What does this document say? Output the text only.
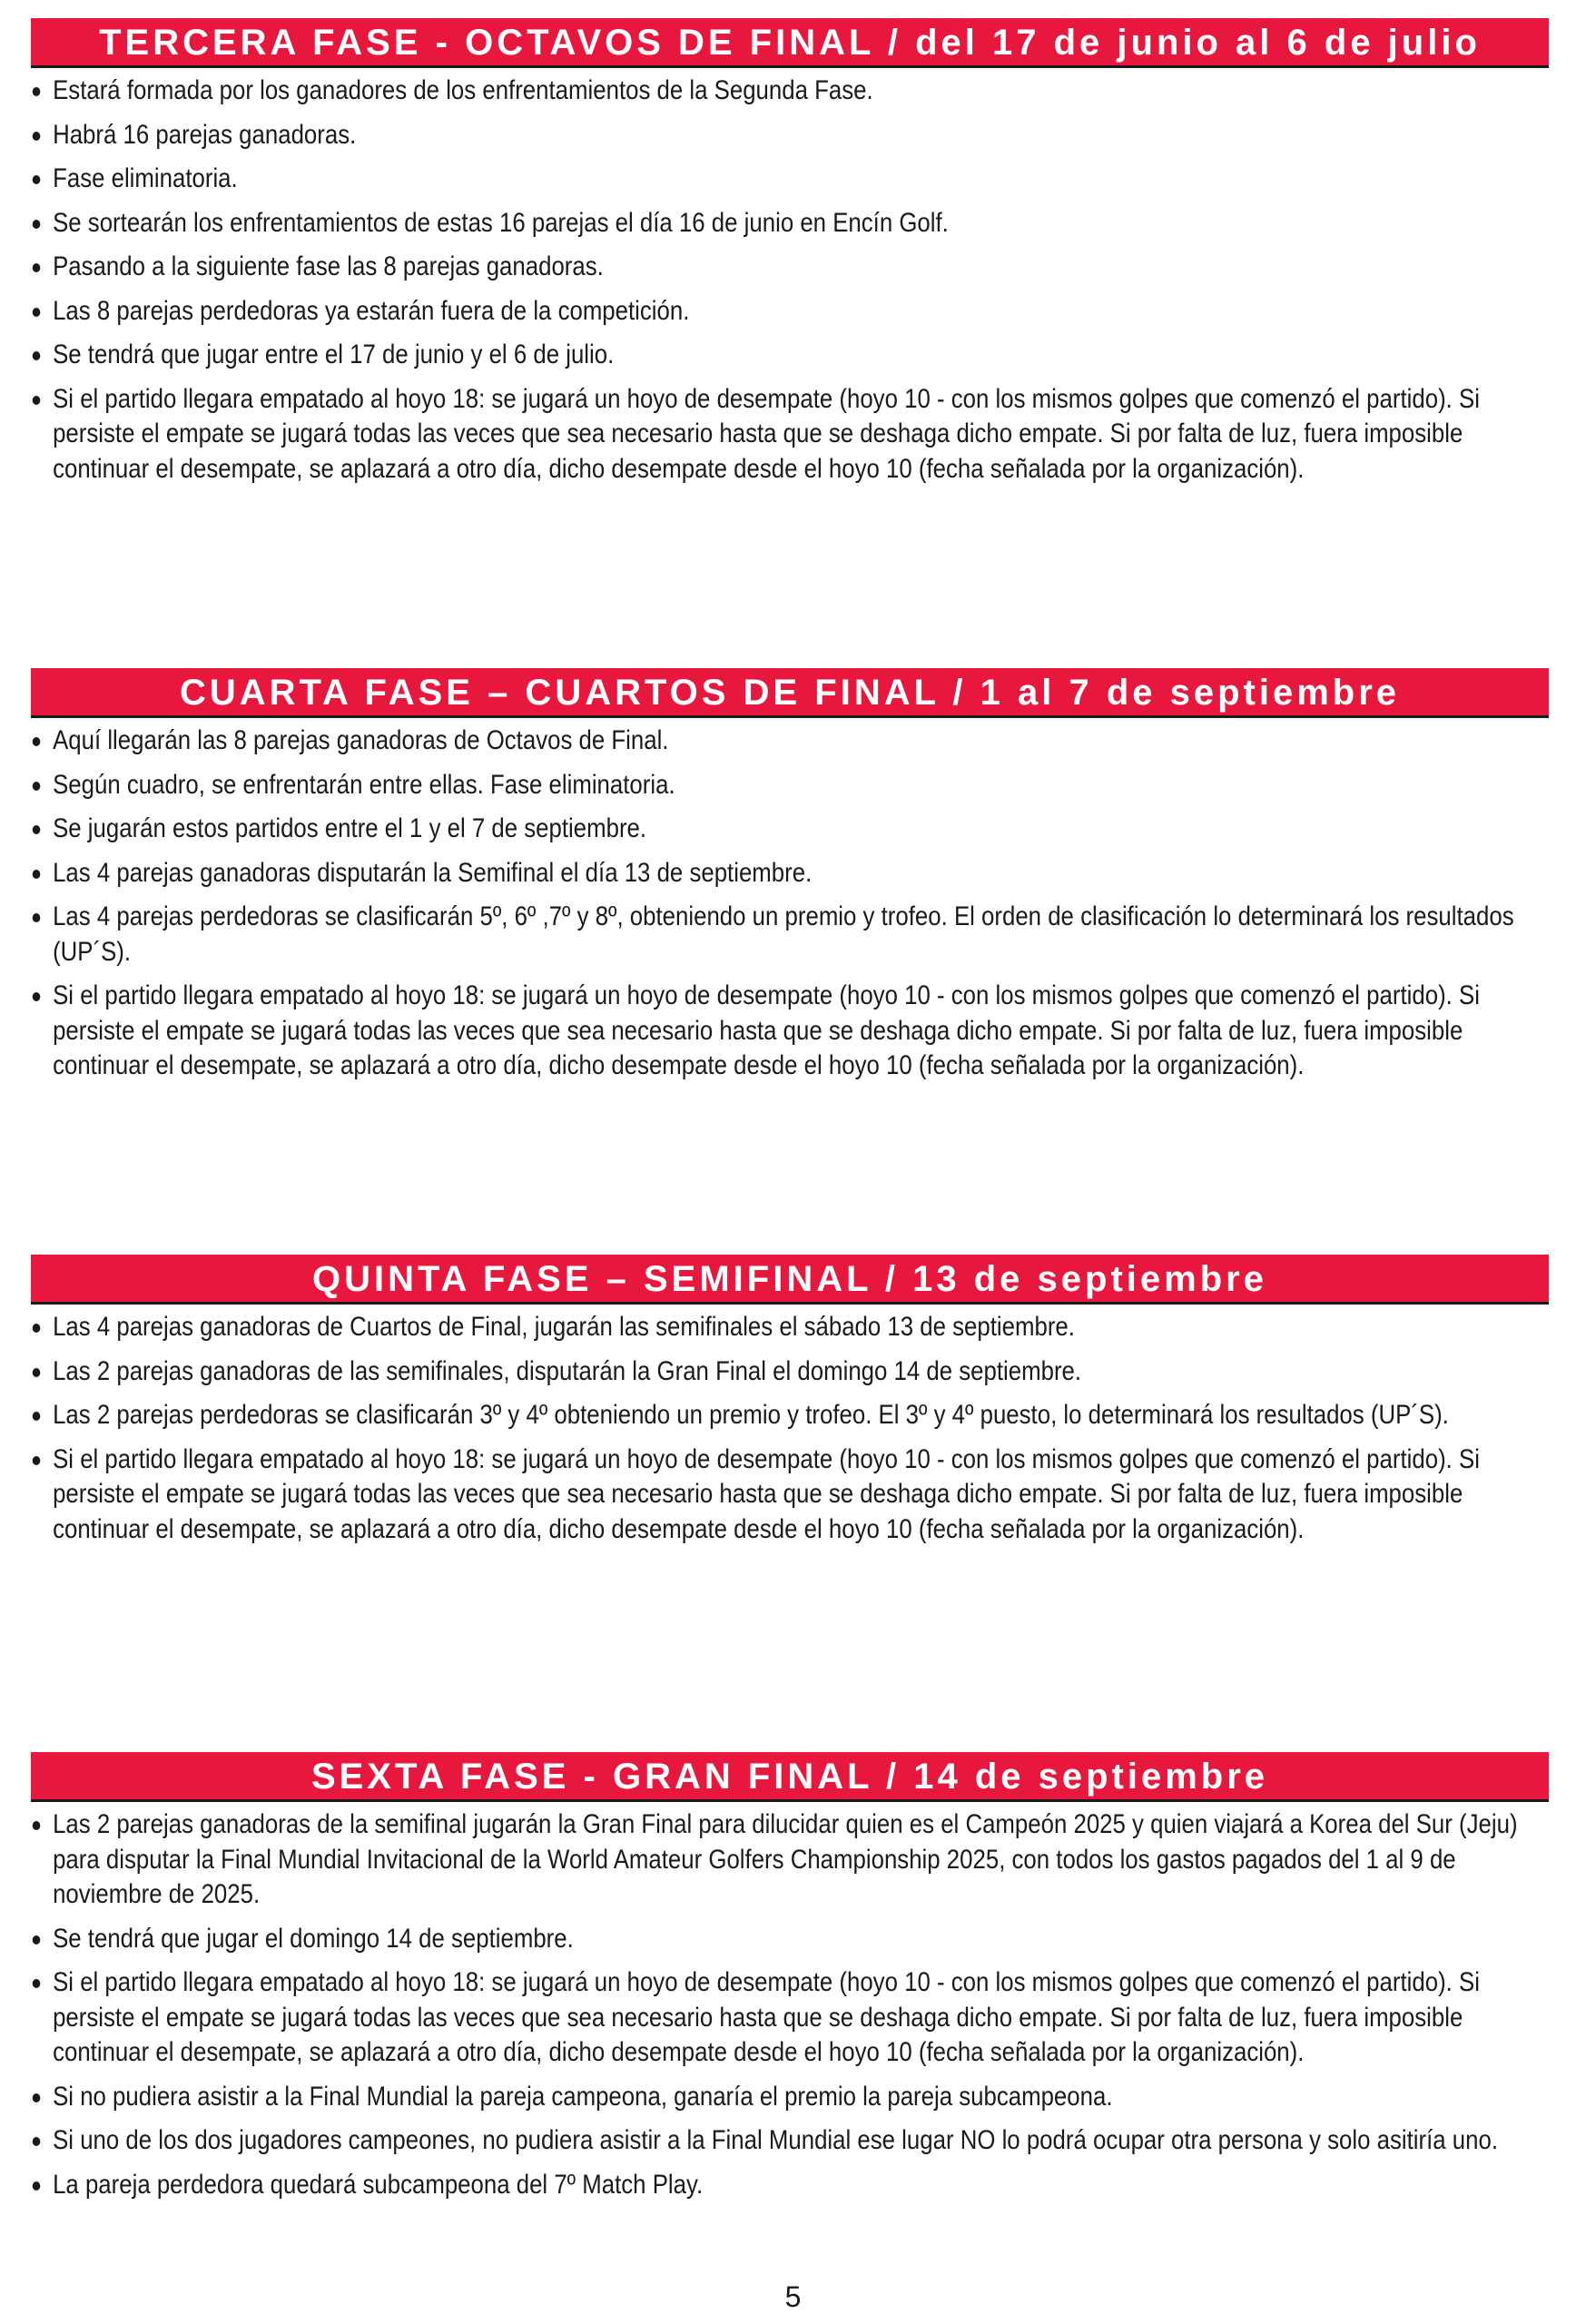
TERCERA FASE - OCTAVOS DE FINAL / del 17 de junio al 6 de julio
Estará formada por los ganadores de los enfrentamientos de la Segunda Fase.
Habrá 16 parejas ganadoras.
Fase eliminatoria.
Se sortearán los enfrentamientos de estas 16 parejas el día 16 de junio en Encín Golf.
Pasando a la siguiente fase las 8 parejas ganadoras.
Las 8 parejas perdedoras ya estarán fuera de la competición.
Se tendrá que jugar entre el 17 de junio y el 6 de julio.
Si el partido llegara empatado al hoyo 18: se jugará un hoyo de desempate (hoyo 10 - con los mismos golpes que comenzó el partido). Si persiste el empate se jugará todas las veces que sea necesario hasta que se deshaga dicho empate. Si por falta de luz, fuera imposible continuar el desempate, se aplazará a otro día, dicho desempate desde el hoyo 10 (fecha señalada por la organización).
CUARTA FASE – CUARTOS DE FINAL / 1 al 7 de septiembre
Aquí llegarán las 8 parejas ganadoras de Octavos de Final.
Según cuadro, se enfrentarán entre ellas. Fase eliminatoria.
Se jugarán estos partidos entre el 1 y el 7 de septiembre.
Las 4 parejas ganadoras disputarán la Semifinal el día 13 de septiembre.
Las 4 parejas perdedoras se clasificarán 5º, 6º ,7º y 8º, obteniendo un premio y trofeo. El orden de clasificación lo determinará los resultados (UP´S).
Si el partido llegara empatado al hoyo 18: se jugará un hoyo de desempate (hoyo 10 - con los mismos golpes que comenzó el partido). Si persiste el empate se jugará todas las veces que sea necesario hasta que se deshaga dicho empate. Si por falta de luz, fuera imposible continuar el desempate, se aplazará a otro día, dicho desempate desde el hoyo 10 (fecha señalada por la organización).
QUINTA FASE – SEMIFINAL / 13 de septiembre
Las 4 parejas ganadoras de Cuartos de Final, jugarán las semifinales el sábado 13 de septiembre.
Las 2 parejas ganadoras de las semifinales, disputarán la Gran Final el domingo 14 de septiembre.
Las 2 parejas perdedoras se clasificarán 3º y 4º obteniendo un premio y trofeo. El 3º y 4º puesto, lo determinará los resultados (UP´S).
Si el partido llegara empatado al hoyo 18: se jugará un hoyo de desempate (hoyo 10 - con los mismos golpes que comenzó el partido). Si persiste el empate se jugará todas las veces que sea necesario hasta que se deshaga dicho empate. Si por falta de luz, fuera imposible continuar el desempate, se aplazará a otro día, dicho desempate desde el hoyo 10 (fecha señalada por la organización).
SEXTA FASE - GRAN FINAL / 14 de septiembre
Las 2 parejas ganadoras de la semifinal jugarán la Gran Final para dilucidar quien es el Campeón 2025 y quien viajará a Korea del Sur (Jeju) para disputar la Final Mundial Invitacional de la World Amateur Golfers Championship 2025, con todos los gastos pagados del 1 al 9 de noviembre de 2025.
Se tendrá que jugar el domingo 14 de septiembre.
Si el partido llegara empatado al hoyo 18: se jugará un hoyo de desempate (hoyo 10 - con los mismos golpes que comenzó el partido). Si persiste el empate se jugará todas las veces que sea necesario hasta que se deshaga dicho empate. Si por falta de luz, fuera imposible continuar el desempate, se aplazará a otro día, dicho desempate desde el hoyo 10 (fecha señalada por la organización).
Si no pudiera asistir a la Final Mundial la pareja campeona, ganaría el premio la pareja subcampeona.
Si uno de los dos jugadores campeones, no pudiera asistir a la Final Mundial ese lugar NO lo podrá ocupar otra persona y solo asitiría uno.
La pareja perdedora quedará subcampeona del 7º Match Play.
5
